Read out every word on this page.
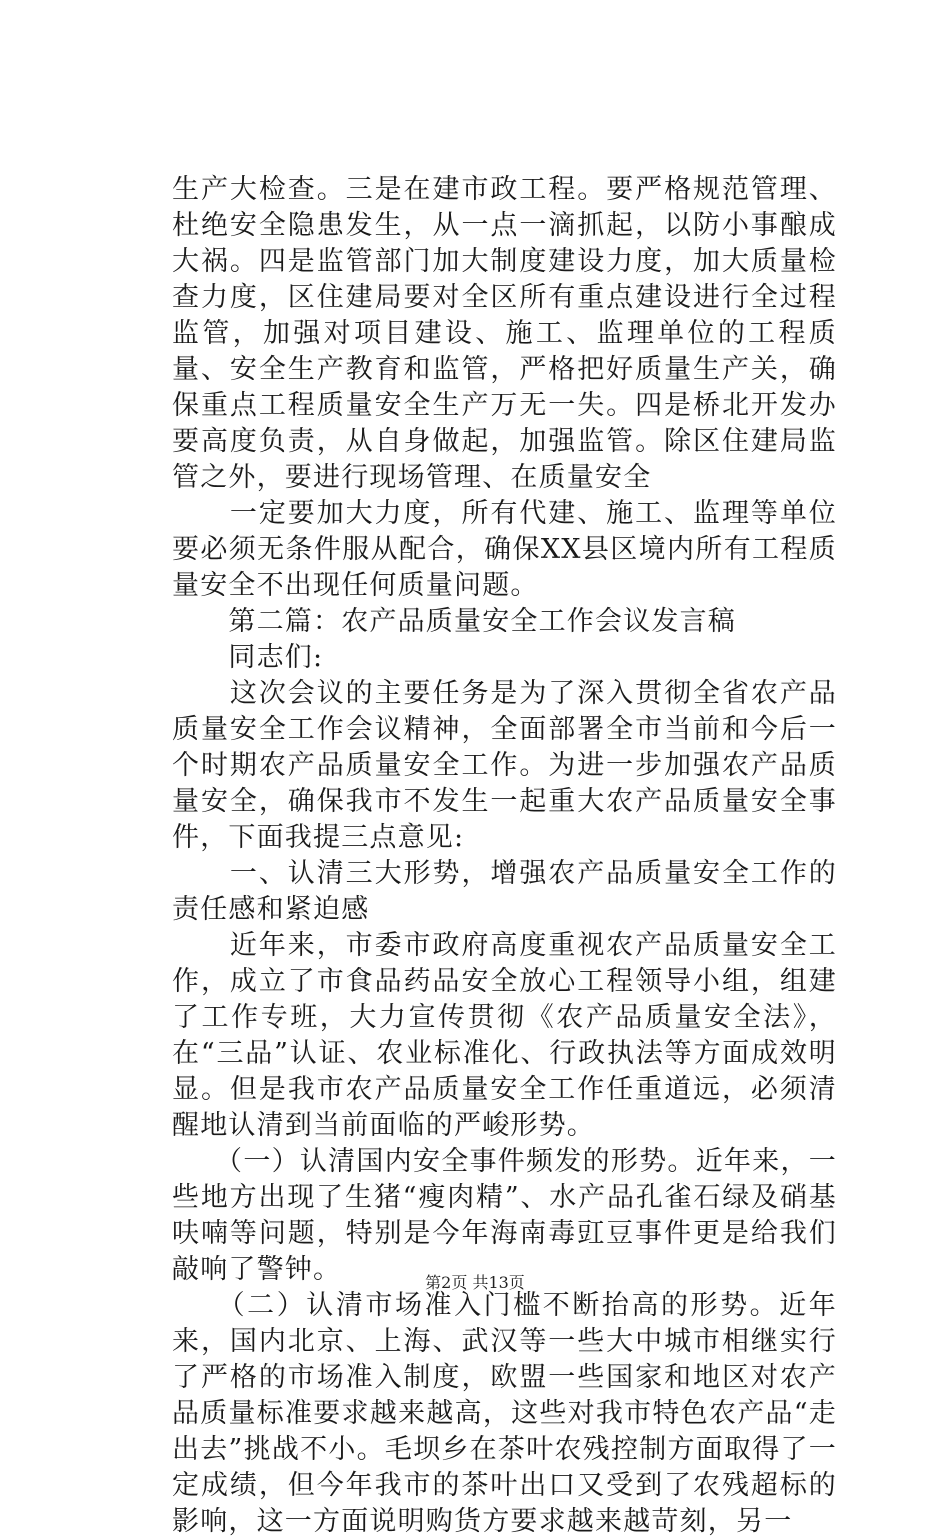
生产大检查。三是在建市政工程。要严格规范管理、杜绝安全隐患发生，从一点一滴抓起，以防小事酿成大祸。四是监管部门加大制度建设力度，加大质量检查力度，区住建局要对全区所有重点建设进行全过程监管，加强对项目建设、施工、监理单位的工程质量、安全生产教育和监管，严格把好质量生产关，确保重点工程质量安全生产万无一失。四是桥北开发办要高度负责，从自身做起，加强监管。除区住建局监管之外，要进行现场管理、在质量安全

　　一定要加大力度，所有代建、施工、监理等单位要必须无条件服从配合，确保XX县区境内所有工程质量安全不出现任何质量问题。

　　第二篇：农产品质量安全工作会议发言稿

　　同志们:

　　这次会议的主要任务是为了深入贯彻全省农产品质量安全工作会议精神，全面部署全市当前和今后一个时期农产品质量安全工作。为进一步加强农产品质量安全，确保我市不发生一起重大农产品质量安全事件，下面我提三点意见:

　　一、认清三大形势，增强农产品质量安全工作的责任感和紧迫感

　　近年来，市委市政府高度重视农产品质量安全工作，成立了市食品药品安全放心工程领导小组，组建了工作专班，大力宣传贯彻《农产品质量安全法》，在“三品”认证、农业标准化、行政执法等方面成效明显。但是我市农产品质量安全工作任重道远，必须清醒地认清到当前面临的严峻形势。

　　（一）认清国内安全事件频发的形势。近年来，一些地方出现了生猪“瘦肉精”、水产品孔雀石绿及硝基呋喃等问题，特别是今年海南毒豇豆事件更是给我们敲响了警钟。

　　（二）认清市场准入门槛不断抬高的形势。近年来，国内北京、上海、武汉等一些大中城市相继实行了严格的市场准入制度，欧盟一些国家和地区对农产品质量标准要求越来越高，这些对我市特色农产品“走出去”挑战不小。毛坝乡在茶叶农残控制方面取得了一定成绩，但今年我市的茶叶出口又受到了农残超标的影响，这一方面说明购货方要求越来越苛刻，另一

第2页 共13页
